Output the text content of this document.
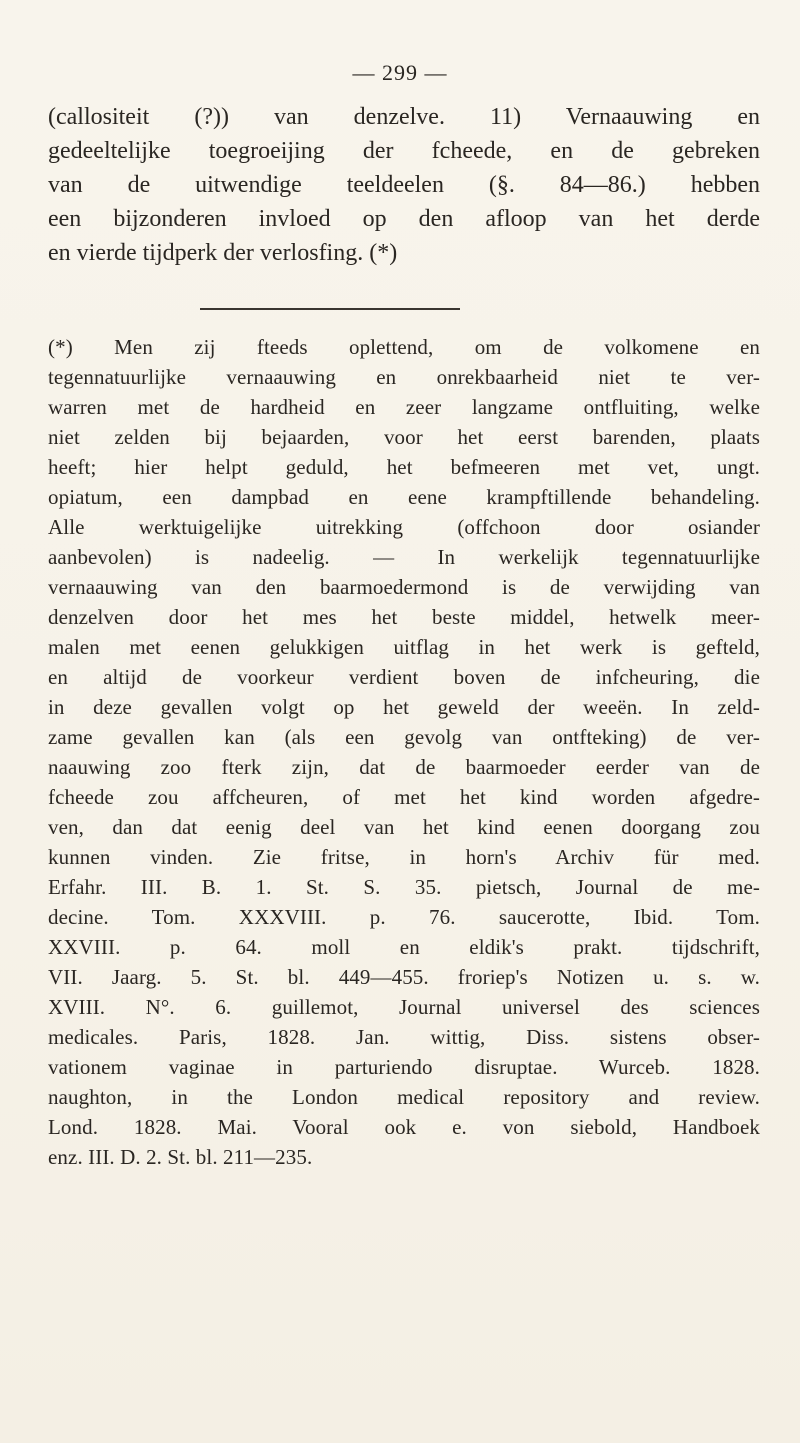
— 299 —
(callositeit (?)) van denzelve. 11) Vernaauwing en
gedeeltelijke toegroeijing der fcheede, en de gebreken
van de uitwendige teeldeelen (§. 84—86.) hebben
een bijzonderen invloed op den afloop van het derde
en vierde tijdperk der verlosfing. (*)
(*) Men zij fteeds oplettend, om de volkomene en
tegennatuurlijke vernaauwing en onrekbaarheid niet te ver-
warren met de hardheid en zeer langzame ontfluiting, welke
niet zelden bij bejaarden, voor het eerst barenden, plaats
heeft; hier helpt geduld, het befmeeren met vet, ungt.
opiatum, een dampbad en eene krampftillende behandeling.
Alle werktuigelijke uitrekking (offchoon door osiander
aanbevolen) is nadeelig. — In werkelijk tegennatuurlijke
vernaauwing van den baarmoedermond is de verwijding van
denzelven door het mes het beste middel, hetwelk meer-
malen met eenen gelukkigen uitflag in het werk is gefteld,
en altijd de voorkeur verdient boven de infcheuring, die
in deze gevallen volgt op het geweld der weeën. In zeld-
zame gevallen kan (als een gevolg van ontfteking) de ver-
naauwing zoo fterk zijn, dat de baarmoeder eerder van de
fcheede zou affcheuren, of met het kind worden afgedre-
ven, dan dat eenig deel van het kind eenen doorgang zou
kunnen vinden. Zie fritse, in horn's Archiv für med.
Erfahr. III. B. 1. St. S. 35. pietsch, Journal de me-
decine. Tom. XXXVIII. p. 76. saucerotte, Ibid. Tom.
XXVIII. p. 64. moll en eldik's prakt. tijdschrift,
VII. Jaarg. 5. St. bl. 449—455. froriep's Notizen u. s. w.
XVIII. N°. 6. guillemot, Journal universel des sciences
medicales. Paris, 1828. Jan. wittig, Diss. sistens obser-
vationem vaginae in parturiendo disruptae. Wurceb. 1828.
naughton, in the London medical repository and review.
Lond. 1828. Mai. Vooral ook e. von siebold, Handboek
enz. III. D. 2. St. bl. 211—235.
